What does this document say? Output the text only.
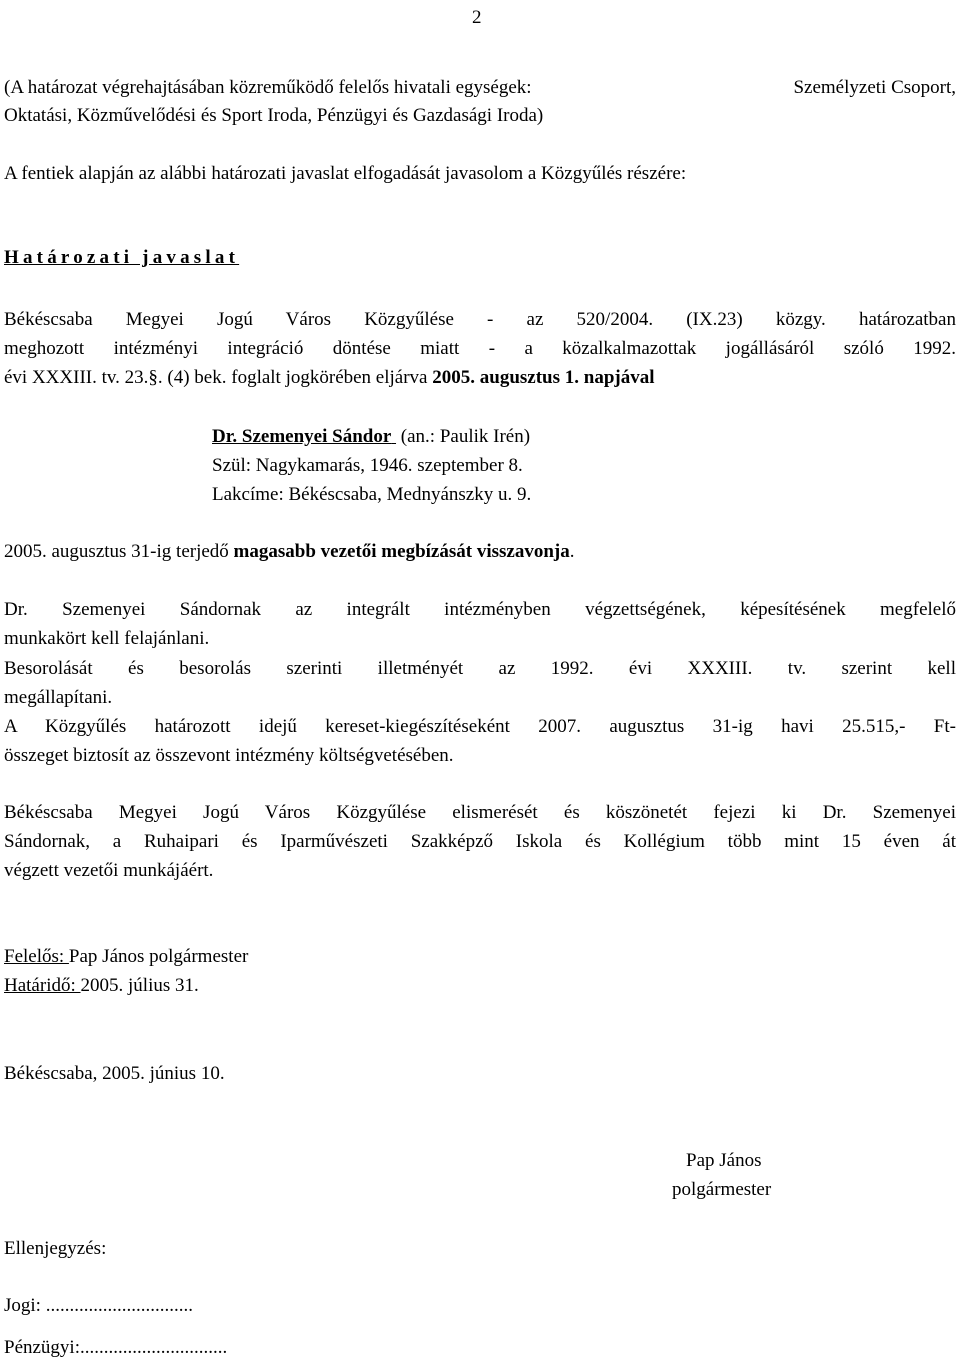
2
(A határozat végrehajtásában közreműködő felelős hivatali egységek:	Személyzeti Csoport,
Oktatási, Közművelődési és Sport Iroda, Pénzügyi és Gazdasági Iroda)
A fentiek alapján az alábbi határozati javaslat elfogadását javasolom a Közgyűlés részére:
Határozati javaslat
Békéscsaba Megyei Jogú Város Közgyűlése - az 520/2004. (IX.23) közgy. határozatban
meghozott intézményi integráció döntése miatt - a közalkalmazottak jogállásáról szóló 1992.
évi XXXIII. tv. 23.§. (4) bek. foglalt jogkörében eljárva 2005. augusztus 1. napjával
Dr. Szemenyei Sándor (an.: Paulik Irén)
Szül: Nagykamarás, 1946. szeptember 8.
Lakcíme: Békéscsaba, Mednyánszky u. 9.
2005. augusztus 31-ig terjedő magasabb vezetői megbízását visszavonja.
Dr. Szemenyei Sándornak az integrált intézményben végzettségének, képesítésének megfelelő
munkakört kell felajánlani.
Besorolását és besorolás szerinti illetményét az 1992. évi XXXIII. tv. szerint kell
megállapítani.
A Közgyűlés határozott idejű kereset-kiegészítéseként 2007. augusztus 31-ig havi 25.515,- Ft-
összeget biztosít az összevont intézmény költségvetésében.
Békéscsaba Megyei Jogú Város Közgyűlése elismerését és köszönetét fejezi ki Dr. Szemenyei
Sándornak, a Ruhaipari és Iparművészeti Szakképző Iskola és Kollégium több mint 15 éven át
végzett vezetői munkájáért.
Felelős: Pap János polgármester
Határidő: 2005. július 31.
Békéscsaba, 2005. június 10.
Pap János
polgármester
Ellenjegyzés:
Jogi: ...............................
Pénzügyi:...............................
